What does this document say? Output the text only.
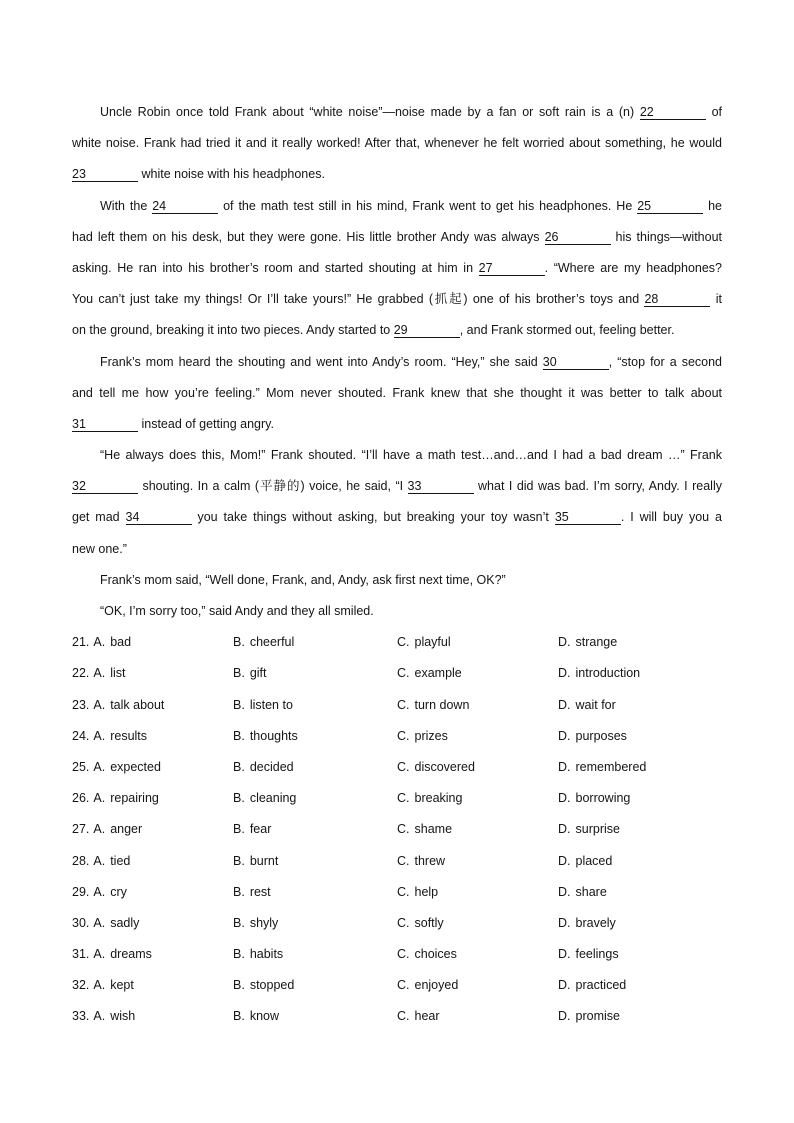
Uncle Robin once told Frank about “white noise”—noise made by a fan or soft rain is a (n) 22	of
white noise. Frank had tried it and it really worked! After that, whenever he felt worried about something, he would
23	white noise with his headphones.
With the 24	of the math test still in his mind, Frank went to get his headphones. He 25	he
had left them on his desk, but they were gone. His little brother Andy was always 26	his things—without
asking. He ran into his brother’s room and started shouting at him in 27	. “Where are my headphones?
You can’t just take my things! Or I’ll take yours!” He grabbed (抓起) one of his brother’s toys and 28	it
on the ground, breaking it into two pieces. Andy started to 29	, and Frank stormed out, feeling better.
Frank’s mom heard the shouting and went into Andy’s room. “Hey,” she said 30	, “stop for a second
and tell me how you’re feeling.” Mom never shouted. Frank knew that she thought it was better to talk about
31	instead of getting angry.
“He always does this, Mom!” Frank shouted. “I’ll have a math test…and…and I had a bad dream …” Frank
32	shouting. In a calm (平静的) voice, he said, “I 33	what I did was bad. I’m sorry, Andy. I really
get mad 34	you take things without asking, but breaking your toy wasn’t 35	. I will buy you a
new one.”
Frank’s mom said, “Well done, Frank, and, Andy, ask first next time, OK?”
“OK, I’m sorry too,” said Andy and they all smiled.
21. A. bad	B. cheerful	C. playful	D. strange
22. A. list	B. gift	C. example	D. introduction
23. A. talk about	B. listen to	C. turn down	D. wait for
24. A. results	B. thoughts	C. prizes	D. purposes
25. A. expected	B. decided	C. discovered	D. remembered
26. A. repairing	B. cleaning	C. breaking	D. borrowing
27. A. anger	B. fear	C. shame	D. surprise
28. A. tied	B. burnt	C. threw	D. placed
29. A. cry	B. rest	C. help	D. share
30. A. sadly	B. shyly	C. softly	D. bravely
31. A. dreams	B. habits	C. choices	D. feelings
32. A. kept	B. stopped	C. enjoyed	D. practiced
33. A. wish	B. know	C. hear	D. promise
